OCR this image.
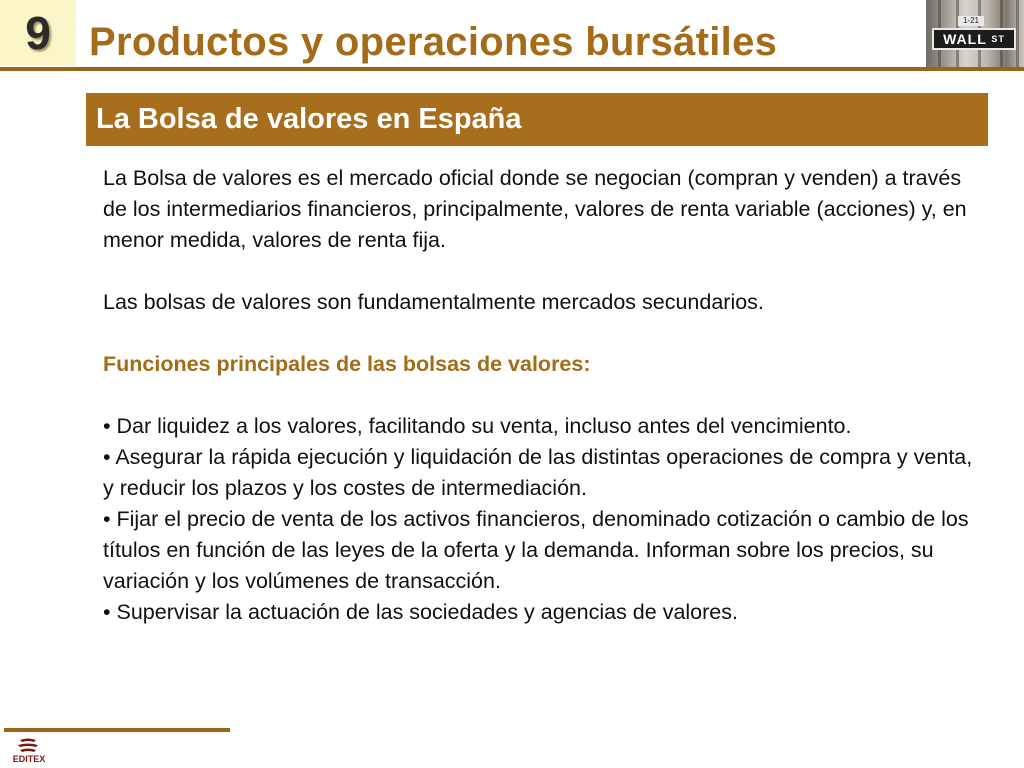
9 Productos y operaciones bursátiles	1-21
WALL $^{ST}$
La Bolsa de valores en España

La Bolsa de valores es el mercado oficial donde se negocian (compran y venden) a través de los intermediarios financieros, principalmente, valores de renta variable (acciones) y, en menor medida, valores de renta fija.

Las bolsas de valores son fundamentalmente mercados secundarios.

Funciones principales de las bolsas de valores:

• Dar liquidez a los valores, facilitando su venta, incluso antes del vencimiento.

• Asegurar la rápida ejecución y liquidación de las distintas operaciones de compra y venta, y reducir los plazos y los costes de intermediación.

• Fijar el precio de venta de los activos financieros, denominado cotización o cambio de los títulos en función de las leyes de la oferta y la demanda. Informan sobre los precios, su variación y los volúmenes de transacción.

• Supervisar la actuación de las sociedades y agencias de valores.

EDITEX
